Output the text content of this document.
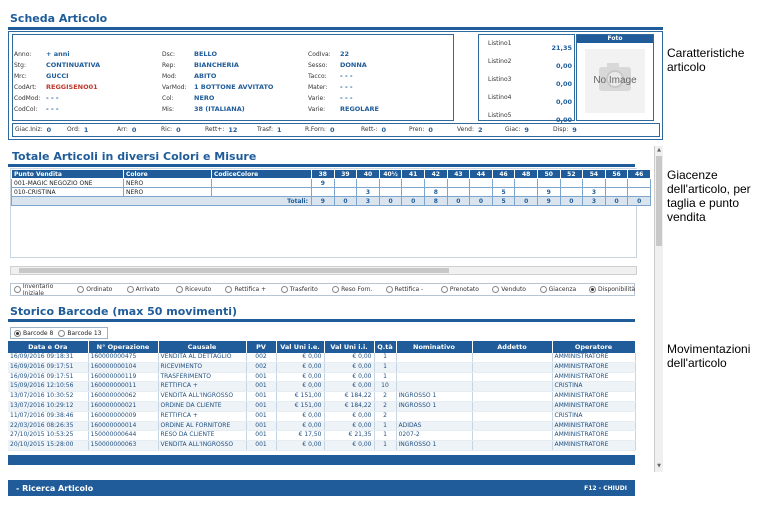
Scheda Articolo
Anno:	+ anni
Stg:	CONTINUATIVA
Mrc:	GUCCI
CodArt:	REGGISENO01
CodMod: - - -
CodCol:	- - -
Dsc:	BELLO
Rep:	BIANCHERIA
Mod:	ABITO
VarMod:	1 BOTTONE AVVITATO
Col:	NERO
Mis:	38 (ITALIANA)
CodIva:	22
Sesso:	DONNA
Tacco:	- - -
Mater:	- - -
Varie:	- - -
Varie:	REGOLARE
Listino1
21,35
Listino2
0,00
Listino3
0,00
Listino4
0,00
Listino5
0,00
Foto
No Image
Giac.Iniz: 0	Ord: 1	Arr: 0	Ric: 0	Rett+: 12	Trasf: 1	R.Forn: 0	Rett-: 0	Pren: 0	Vend: 2	Giac: 9	Disp: 9
Totale Articoli in diversi Colori e Misure
Punto Vendita	Colore	CodiceColore	38	39	40	40½	41	42	43	44	46	48	50	52	54	56	46
001-MAGIC NEGOZIO ONE	NERO		9														
010-CRISTINA	NERO				3			8			5		9		3		
Totali:			9	0	3	0	0	8	0	0	5	0	9	0	3	0	0
Inventario Iniziale	Ordinato	Arrivato	Ricevuto	Rettifica +	Trasferito	Reso Forn.	Rettifica -	Prenotato	Venduto	Giacenza	Disponibilità
Storico Barcode (max 50 movimenti)
Barcode 8 Barcode 13
Data e Ora	N° Operazione	Causale	PV	Val Uni i.e.	Val Uni i.i.	Q.tà	Nominativo	Addetto	Operatore
16/09/2016 09:18:31	160000000475	VENDITA AL DETTAGLIO	002	€ 0,00	€ 0,00	1			AMMINISTRATORE
16/09/2016 09:17:51	160000000104	RICEVIMENTO	002	€ 0,00	€ 0,00	1			AMMINISTRATORE
16/09/2016 09:17:51	160000000119	TRASFERIMENTO	001	€ 0,00	€ 0,00	1			AMMINISTRATORE
15/09/2016 12:10:56	160000000011	RETTIFICA +	001	€ 0,00	€ 0,00	10			CRISTINA
13/07/2016 10:30:52	160000000062	VENDITA ALL'INGROSSO	001	€ 151,00	€ 184,22	2	INGROSSO 1		AMMINISTRATORE
13/07/2016 10:29:12	160000000021	ORDINE DA CLIENTE	001	€ 151,00	€ 184,22	2	INGROSSO 1		AMMINISTRATORE
11/07/2016 09:38:46	160000000009	RETTIFICA +	001	€ 0,00	€ 0,00	2			CRISTINA
22/03/2016 08:26:35	160000000014	ORDINE AL FORNITORE	001	€ 0,00	€ 0,00	1	ADIDAS		AMMINISTRATORE
27/10/2015 10:53:25	150000000644	RESO DA CLIENTE	001	€ 17,50	€ 21,35	1	0207-2		AMMINISTRATORE
20/10/2015 15:28:00	150000000063	VENDITA ALL'INGROSSO	001	€ 0,00	€ 0,00	1	INGROSSO 1		AMMINISTRATORE
▲
▼
- Ricerca Articolo	F12 - CHIUDI
Caratteristiche articolo
Giacenze dell'articolo, per taglia e punto vendita
Movimentazioni dell'articolo
